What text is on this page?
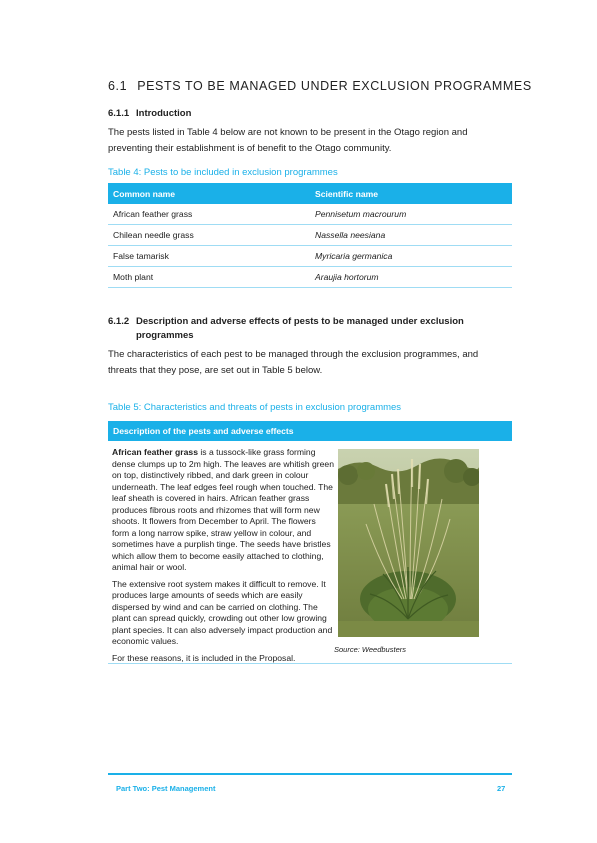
6.1 PESTS TO BE MANAGED UNDER EXCLUSION PROGRAMMES
6.1.1 Introduction
The pests listed in Table 4 below are not known to be present in the Otago region and
preventing their establishment is of benefit to the Otago community.
Table 4: Pests to be included in exclusion programmes
Common name	Scientific name
African feather grass	Pennisetum macrourum
Chilean needle grass	Nassella neesiana
False tamarisk	Myricaria germanica
Moth plant	Araujia hortorum
6.1.2 Description and adverse effects of pests to be managed under exclusion
programmes
The characteristics of each pest to be managed through the exclusion programmes, and
threats that they pose, are set out in Table 5 below.
Table 5: Characteristics and threats of pests in exclusion programmes
Description of the pests and adverse effects

African feather grass is a tussock-like grass forming dense clumps up to 2m high. The leaves are whitish green on top, distinctively ribbed, and dark green in colour underneath. The leaf edges feel rough when touched. The leaf sheath is covered in hairs. African feather grass produces fibrous roots and rhizomes that will form new shoots. It flowers from December to April. The flowers form a long narrow spike, straw yellow in colour, and sometimes have a purplish tinge. The seeds have bristles which allow them to become easily attached to clothing, animal hair or wool.

The extensive root system makes it difficult to remove. It produces large amounts of seeds which are easily dispersed by wind and can be carried on clothing. The plant can spread quickly, crowding out other low growing plant species. It can also adversely impact production and economic values.

For these reasons, it is included in the Proposal.

Source: Weedbusters
Part Two: Pest Management	27
